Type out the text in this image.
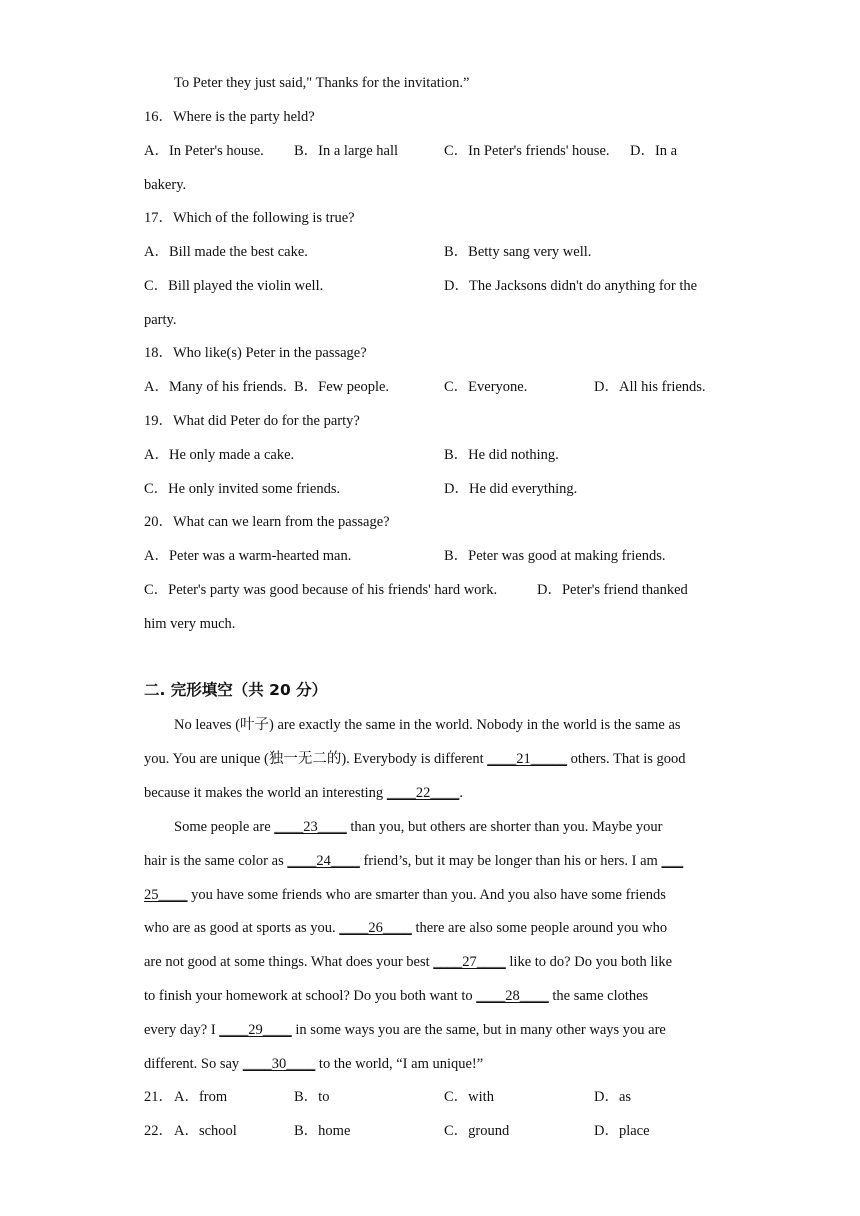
To Peter they just said," Thanks for the invitation.”
16．Where is the party held?
A．In Peter's house. B．In a large hall	C．In Peter's friends' house. D．In a
bakery.
17．Which of the following is true?
A．Bill made the best cake.	B．Betty sang very well.
C．Bill played the violin well.	D．The Jacksons didn't do anything for the
party.
18．Who like(s) Peter in the passage?
A．Many of his friends. B．Few people.	C．Everyone.	D．All his friends.
19．What did Peter do for the party?
A．He only made a cake.	B．He did nothing.
C．He only invited some friends.	D．He did everything.
20．What can we learn from the passage?
A．Peter was a warm-hearted man.	B．Peter was good at making friends.
C．Peter's party was good because of his friends' hard work.	D．Peter's friend thanked
him very much.
二. 完形填空（共 20 分）
No leaves (叶子) are exactly the same in the world. Nobody in the world is the same as
you. You are unique (独一无二的). Everybody is different ____21_____ others. That is good
because it makes the world an interesting ____22____.
Some people are ____23____ than you, but others are shorter than you. Maybe your
hair is the same color as ____24____ friend’s, but it may be longer than his or hers. I am ___
25____ you have some friends who are smarter than you. And you also have some friends
who are as good at sports as you. ____26____ there are also some people around you who
are not good at some things. What does your best ____27____ like to do? Do you both like
to finish your homework at school? Do you both want to ____28____ the same clothes
every day? I ____29____ in some ways you are the same, but in many other ways you are
different. So say ____30____ to the world, “I am unique!”
21． A．from	B．to	C．with	D．as
22． A．school	B．home	C．ground	D．place
